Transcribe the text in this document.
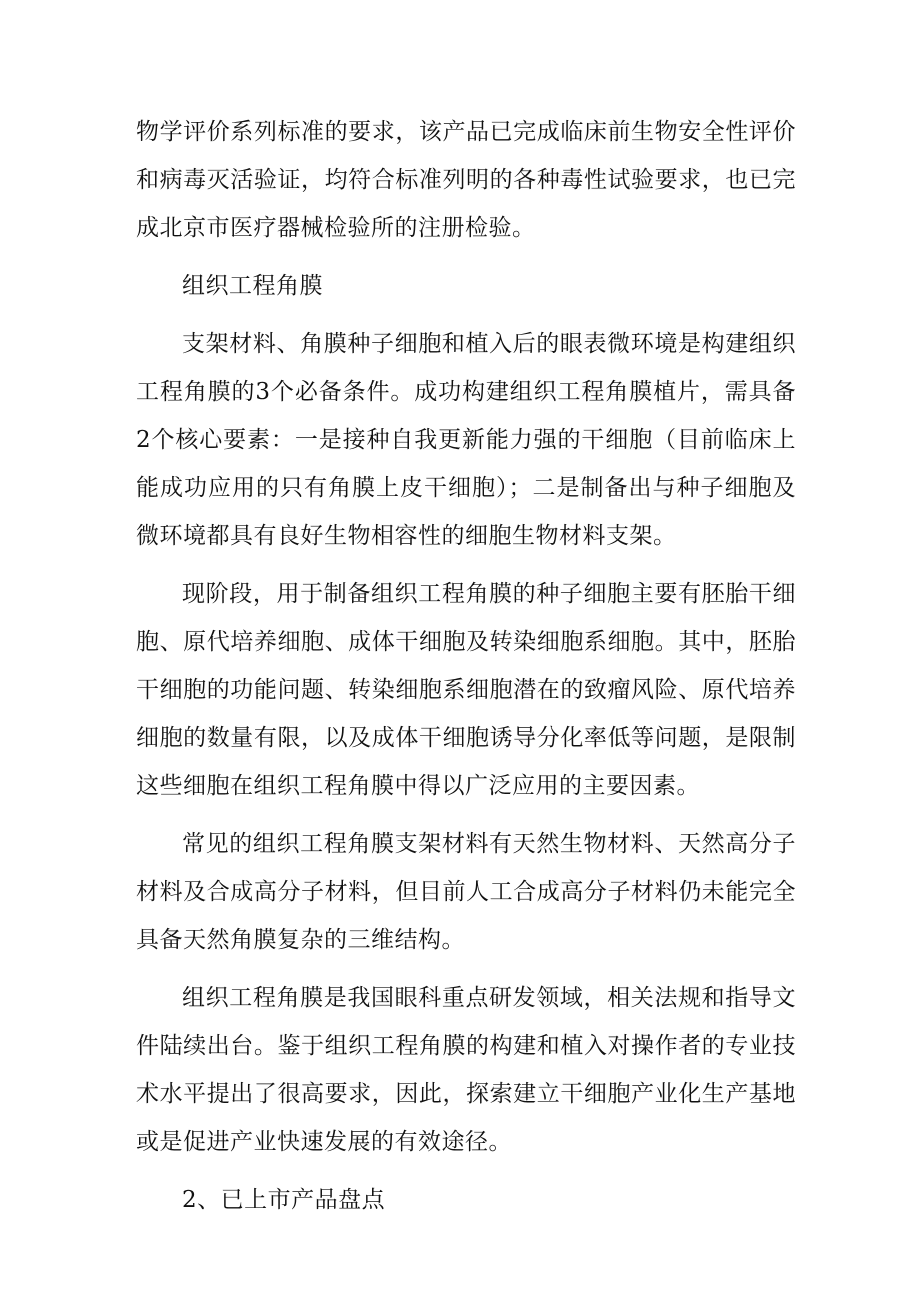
物学评价系列标准的要求，该产品已完成临床前生物安全性评价和病毒灭活验证，均符合标准列明的各种毒性试验要求，也已完成北京市医疗器械检验所的注册检验。

组织工程角膜

支架材料、角膜种子细胞和植入后的眼表微环境是构建组织工程角膜的3个必备条件。成功构建组织工程角膜植片，需具备2个核心要素：一是接种自我更新能力强的干细胞（目前临床上能成功应用的只有角膜上皮干细胞）；二是制备出与种子细胞及微环境都具有良好生物相容性的细胞生物材料支架。

现阶段，用于制备组织工程角膜的种子细胞主要有胚胎干细胞、原代培养细胞、成体干细胞及转染细胞系细胞。其中，胚胎干细胞的功能问题、转染细胞系细胞潜在的致瘤风险、原代培养细胞的数量有限，以及成体干细胞诱导分化率低等问题，是限制这些细胞在组织工程角膜中得以广泛应用的主要因素。

常见的组织工程角膜支架材料有天然生物材料、天然高分子材料及合成高分子材料，但目前人工合成高分子材料仍未能完全具备天然角膜复杂的三维结构。

组织工程角膜是我国眼科重点研发领域，相关法规和指导文件陆续出台。鉴于组织工程角膜的构建和植入对操作者的专业技术水平提出了很高要求，因此，探索建立干细胞产业化生产基地或是促进产业快速发展的有效途径。

2、已上市产品盘点
